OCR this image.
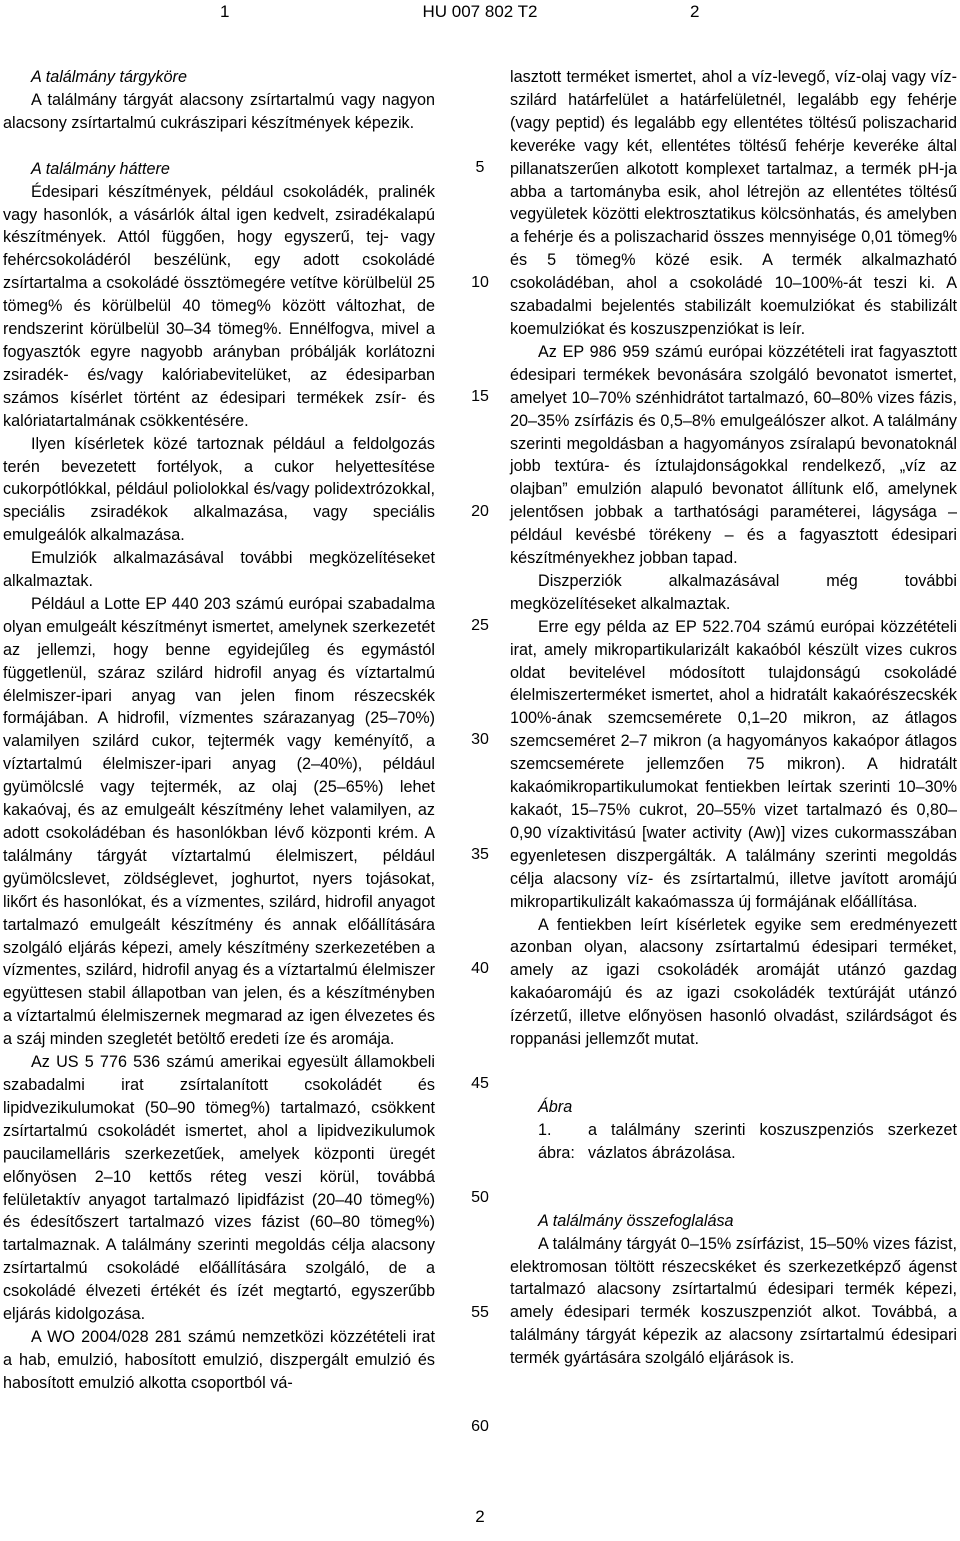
1	HU 007 802 T2	2

A találmány tárgyköre

A találmány tárgyát alacsony zsírtartalmú vagy nagyon alacsony zsírtartalmú cukrászipari készítmények képezik.

A találmány háttere

Édesipari készítmények, például csokoládék, pralinék vagy hasonlók, a vásárlók által igen kedvelt, zsiradékalapú készítmények. Attól függően, hogy egyszerű, tej- vagy fehércsokoládéról beszélünk, egy adott csokoládé zsírtartalma a csokoládé össztömegére vetítve körülbelül 25 tömeg% és körülbelül 40 tömeg% között változhat, de rendszerint körülbelül 30–34 tömeg%. Ennélfogva, mivel a fogyasztók egyre nagyobb arányban próbálják korlátozni zsiradék- és/vagy kalóriabevitelüket, az édesiparban számos kísérlet történt az édesipari termékek zsír- és kalóriatartalmának csökkentésére.

Ilyen kísérletek közé tartoznak például a feldolgozás terén bevezetett fortélyok, a cukor helyettesítése cukorpótlókkal, például poliolokkal és/vagy polidextrózokkal, speciális zsiradékok alkalmazása, vagy speciális emulgeálók alkalmazása.

Emulziók alkalmazásával további megközelítéseket alkalmaztak.

Például a Lotte EP 440 203 számú európai szabadalma olyan emulgeált készítményt ismertet, amelynek szerkezetét az jellemzi, hogy benne egyidejűleg és egymástól függetlenül, száraz szilárd hidrofil anyag és víztartalmú élelmiszer-ipari anyag van jelen finom részecskék formájában. A hidrofil, vízmentes szárazanyag (25–70%) valamilyen szilárd cukor, tejtermék vagy keményítő, a víztartalmú élelmiszer-ipari anyag (2–40%), például gyümölcslé vagy tejtermék, az olaj (25–65%) lehet kakaóvaj, és az emulgeált készítmény lehet valamilyen, az adott csokoládéban és hasonlókban lévő központi krém. A találmány tárgyát víztartalmú élelmiszert, például gyümölcslevet, zöldséglevet, joghurtot, nyers tojásokat, likőrt és hasonlókat, és a vízmentes, szilárd, hidrofil anyagot tartalmazó emulgeált készítmény és annak előállítására szolgáló eljárás képezi, amely készítmény szerkezetében a vízmentes, szilárd, hidrofil anyag és a víztartalmú élelmiszer együttesen stabil állapotban van jelen, és a készítményben a víztartalmú élelmiszernek megmarad az igen élvezetes és a száj minden szegletét betöltő eredeti íze és aromája.

Az US 5 776 536 számú amerikai egyesült államokbeli szabadalmi irat zsírtalanított csokoládét és lipidvezikulumokat (50–90 tömeg%) tartalmazó, csökkent zsírtartalmú csokoládét ismertet, ahol a lipidvezikulumok paucilamelláris szerkezetűek, amelyek központi üregét előnyösen 2–10 kettős réteg veszi körül, továbbá felületaktív anyagot tartalmazó lipidfázist (20–40 tömeg%) és édesítőszert tartalmazó vizes fázist (60–80 tömeg%) tartalmaznak. A találmány szerinti megoldás célja alacsony zsírtartalmú csokoládé előállítására szolgáló, de a csokoládé élvezeti értékét és ízét megtartó, egyszerűbb eljárás kidolgozása.

A WO 2004/028 281 számú nemzetközi közzétételi irat a hab, emulzió, habosított emulzió, diszpergált emulzió és habosított emulzió alkotta csoportból vá-

lasztott terméket ismertet, ahol a víz-levegő, víz-olaj vagy víz-szilárd határfelület a határfelületnél, legalább egy fehérje (vagy peptid) és legalább egy ellentétes töltésű poliszacharid keveréke vagy két, ellentétes töltésű fehérje keveréke által pillanatszerűen alkotott komplexet tartalmaz, a termék pH-ja abba a tartományba esik, ahol létrejön az ellentétes töltésű vegyületek közötti elektrosztatikus kölcsönhatás, és amelyben a fehérje és a poliszacharid összes mennyisége 0,01 tömeg% és 5 tömeg% közé esik. A termék alkalmazható csokoládéban, ahol a csokoládé 10–100%-át teszi ki. A szabadalmi bejelentés stabilizált koemulziókat és stabilizált koemulziókat és koszuszpenziókat is leír.

Az EP 986 959 számú európai közzétételi irat fagyasztott édesipari termékek bevonására szolgáló bevonatot ismertet, amelyet 10–70% szénhidrátot tartalmazó, 60–80% vizes fázis, 20–35% zsírfázis és 0,5–8% emulgeálószer alkot. A találmány szerinti megoldásban a hagyományos zsíralapú bevonatoknál jobb textúra- és íztulajdonságokkal rendelkező, „víz az olajban” emulzión alapuló bevonatot állítunk elő, amelynek jelentősen jobbak a tarthatósági paraméterei, lágysága – például kevésbé törékeny – és a fagyasztott édesipari készítményekhez jobban tapad.

Diszperziók alkalmazásával még további megközelítéseket alkalmaztak.

Erre egy példa az EP 522.704 számú európai közzétételi irat, amely mikropartikularizált kakaóból készült vizes cukros oldat bevitelével módosított tulajdonságú csokoládé élelmiszerterméket ismertet, ahol a hidratált kakaórészecskék 100%-ának szemcsemérete 0,1–20 mikron, az átlagos szemcseméret 2–7 mikron (a hagyományos kakaópor átlagos szemcsemérete jellemzően 75 mikron). A hidratált kakaómikropartikulumokat fentiekben leírtak szerinti 10–30% kakaót, 15–75% cukrot, 20–55% vizet tartalmazó és 0,80–0,90 vízaktivitású [water activity (Aw)] vizes cukormasszában egyenletesen diszpergálták. A találmány szerinti megoldás célja alacsony víz- és zsírtartalmú, illetve javított aromájú mikropartikulizált kakaómassza új formájának előállítása.

A fentiekben leírt kísérletek egyike sem eredményezett azonban olyan, alacsony zsírtartalmú édesipari terméket, amely az igazi csokoládék aromáját utánzó gazdag kakaóaromájú és az igazi csokoládék textúráját utánzó ízérzetű, illetve előnyösen hasonló olvadást, szilárdságot és roppanási jellemzőt mutat.

Ábra

1. ábra:
a találmány szerinti koszuszpenziós szerkezet vázlatos ábrázolása.

A találmány összefoglalása

A találmány tárgyát 0–15% zsírfázist, 15–50% vizes fázist, elektromosan töltött részecskéket és szerkezetképző ágenst tartalmazó alacsony zsírtartalmú édesipari termék képezi, amely édesipari termék koszuszpenziót alkot. Továbbá, a találmány tárgyát képezik az alacsony zsírtartalmú édesipari termék gyártására szolgáló eljárások is.

5
10
15
20
25
30
35
40
45
50
55
60
2
